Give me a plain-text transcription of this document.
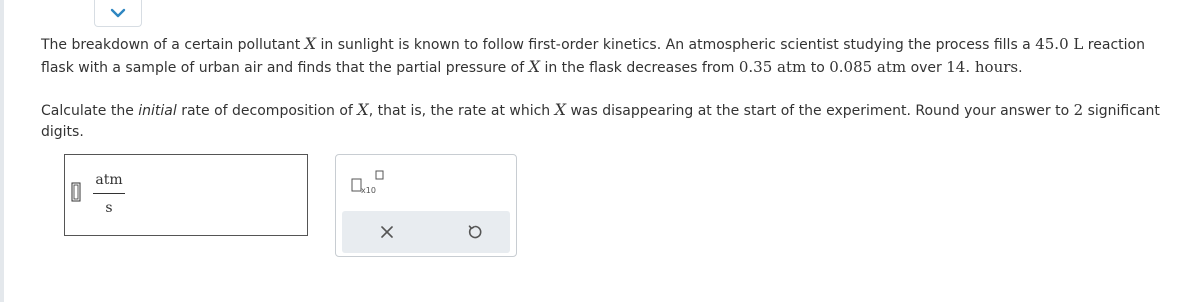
The breakdown of a certain pollutant X in sunlight is known to follow first-order kinetics. An atmospheric scientist studying the process fills a 45.0 L reaction flask with a sample of urban air and finds that the partial pressure of X in the flask decreases from 0.35 atm to 0.085 atm over 14. hours.

Calculate the initial rate of decomposition of X, that is, the rate at which X was disappearing at the start of the experiment. Round your answer to 2 significant digits.

atm
s
x10
